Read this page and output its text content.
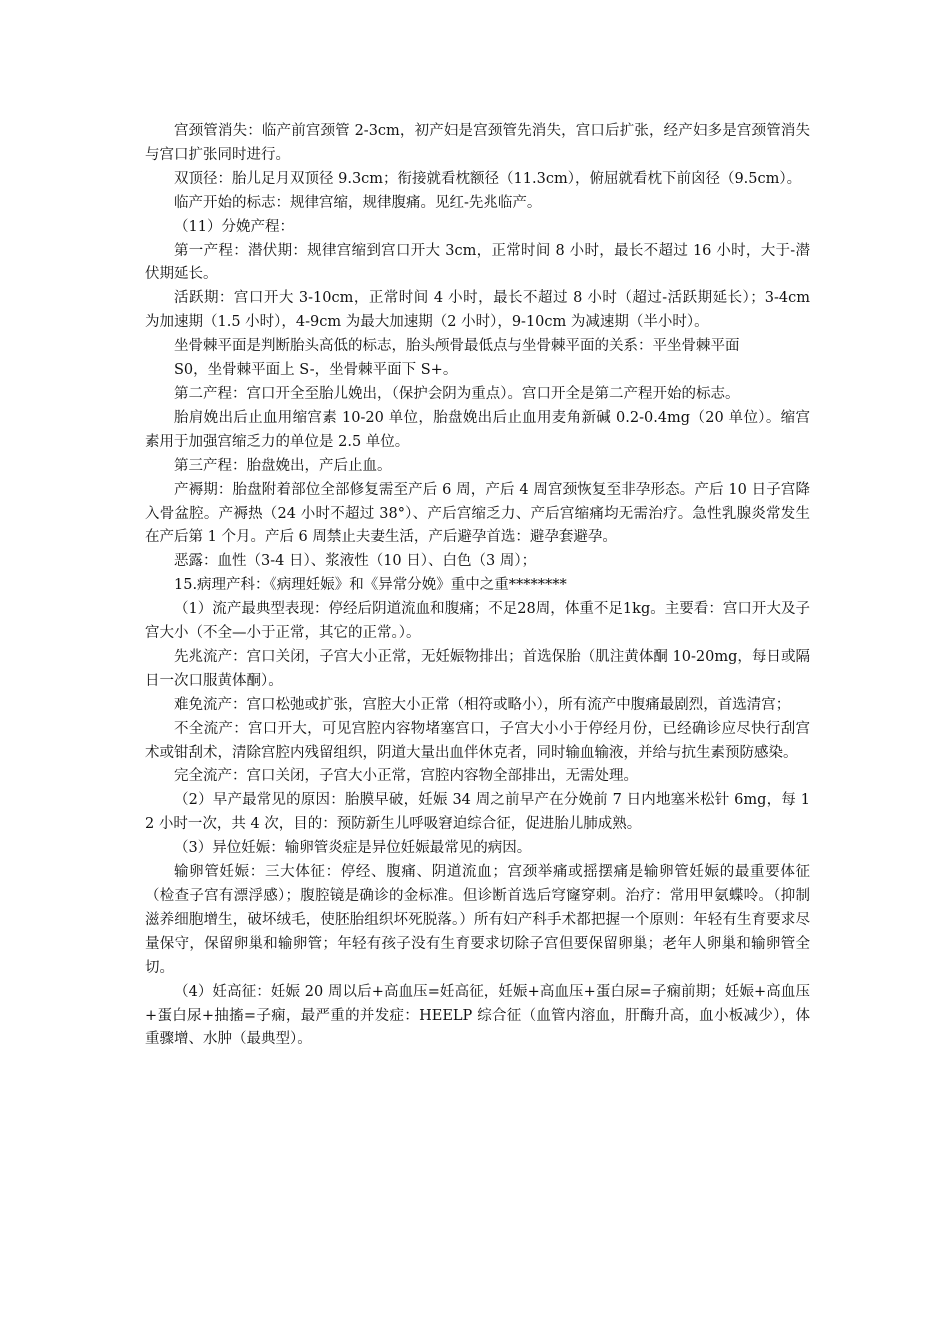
宫颈管消失：临产前宫颈管 2-3cm，初产妇是宫颈管先消失，宫口后扩张，经产妇多是宫颈管消失与宫口扩张同时进行。

双顶径：胎儿足月双顶径 9.3cm；衔接就看枕额径（11.3cm），俯屈就看枕下前囟径（9.5cm）。

临产开始的标志：规律宫缩，规律腹痛。见红-先兆临产。

（11）分娩产程：

第一产程：潜伏期：规律宫缩到宫口开大 3cm，正常时间 8 小时，最长不超过 16 小时，大于-潜伏期延长。

活跃期：宫口开大 3-10cm，正常时间 4 小时，最长不超过 8 小时（超过-活跃期延长）；3-4cm 为加速期（1.5 小时），4-9cm 为最大加速期（2 小时），9-10cm 为减速期（半小时）。

坐骨棘平面是判断胎头高低的标志，胎头颅骨最低点与坐骨棘平面的关系：平坐骨棘平面

S0，坐骨棘平面上 S-，坐骨棘平面下 S+。

第二产程：宫口开全至胎儿娩出，（保护会阴为重点）。宫口开全是第二产程开始的标志。

胎肩娩出后止血用缩宫素 10-20 单位，胎盘娩出后止血用麦角新碱 0.2-0.4mg（20 单位）。缩宫素用于加强宫缩乏力的单位是 2.5 单位。

第三产程：胎盘娩出，产后止血。

产褥期：胎盘附着部位全部修复需至产后 6 周，产后 4 周宫颈恢复至非孕形态。产后 10 日子宫降入骨盆腔。产褥热（24 小时不超过 38°）、产后宫缩乏力、产后宫缩痛均无需治疗。急性乳腺炎常发生在产后第 1 个月。产后 6 周禁止夫妻生活，产后避孕首选：避孕套避孕。

恶露：血性（3-4 日）、浆液性（10 日）、白色（3 周）；

15.病理产科：《病理妊娠》和《异常分娩》重中之重********

（1）流产最典型表现：停经后阴道流血和腹痛；不足28周，体重不足1kg。主要看：宫口开大及子宫大小（不全—小于正常，其它的正常。）。

先兆流产：宫口关闭，子宫大小正常，无妊娠物排出；首选保胎（肌注黄体酮 10-20mg，每日或隔日一次口服黄体酮）。

难免流产：宫口松弛或扩张，宫腔大小正常（相符或略小），所有流产中腹痛最剧烈，首选清宫；

不全流产：宫口开大，可见宫腔内容物堵塞宫口，子宫大小小于停经月份，已经确诊应尽快行刮宫术或钳刮术，清除宫腔内残留组织，阴道大量出血伴休克者，同时输血输液，并给与抗生素预防感染。

完全流产：宫口关闭，子宫大小正常，宫腔内容物全部排出，无需处理。

（2）早产最常见的原因：胎膜早破，妊娠 34 周之前早产在分娩前 7 日内地塞米松针 6mg，每 12 小时一次，共 4 次，目的：预防新生儿呼吸窘迫综合征，促进胎儿肺成熟。

（3）异位妊娠：输卵管炎症是异位妊娠最常见的病因。

输卵管妊娠：三大体征：停经、腹痛、阴道流血；宫颈举痛或摇摆痛是输卵管妊娠的最重要体征（检查子宫有漂浮感）；腹腔镜是确诊的金标准。但诊断首选后穹窿穿刺。治疗：常用甲氨蝶呤。（抑制滋养细胞增生，破坏绒毛，使胚胎组织坏死脱落。）所有妇产科手术都把握一个原则：年轻有生育要求尽量保守，保留卵巢和输卵管；年轻有孩子没有生育要求切除子宫但要保留卵巢；老年人卵巢和输卵管全切。

（4）妊高征：妊娠 20 周以后+高血压=妊高征，妊娠+高血压+蛋白尿=子痫前期；妊娠+高血压+蛋白尿+抽搐=子痫，最严重的并发症：HEELP 综合征（血管内溶血，肝酶升高，血小板减少），体重骤增、水肿（最典型）。
